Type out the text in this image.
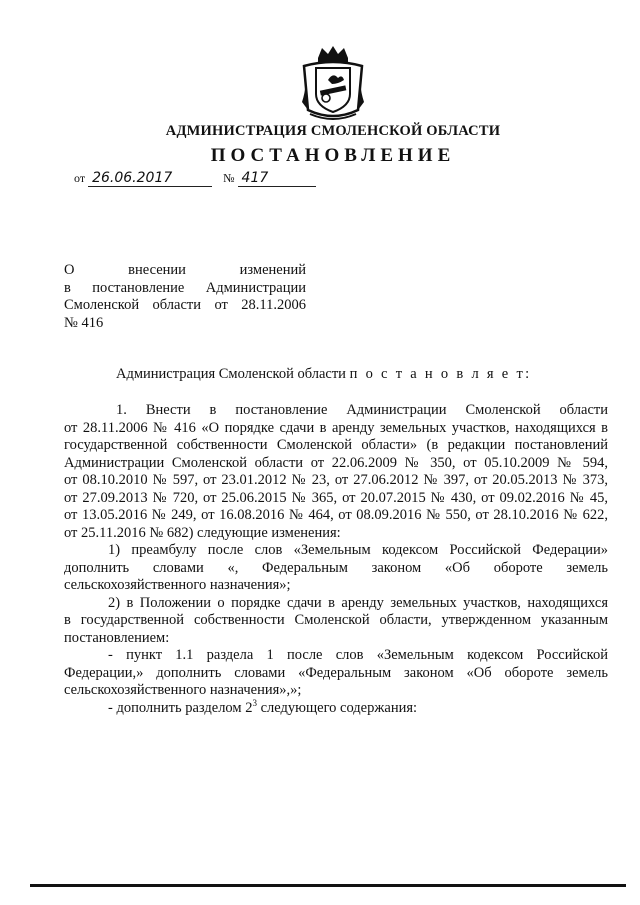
АДМИНИСТРАЦИЯ СМОЛЕНСКОЙ ОБЛАСТИ
ПОСТАНОВЛЕНИЕ
от 26.06.2017	№ 417
О внесении изменений
в постановление Администрации
Смоленской области от 28.11.2006
№ 416
Администрация Смоленской области п о с т а н о в л я е т:
1. Внести в постановление Администрации Смоленской области
от 28.11.2006 № 416 «О порядке сдачи в аренду земельных участков, находящихся в
государственной собственности Смоленской области» (в редакции постановлений
Администрации Смоленской области от 22.06.2009 № 350, от 05.10.2009 № 594,
от 08.10.2010 № 597, от 23.01.2012 № 23, от 27.06.2012 № 397, от 20.05.2013 № 373,
от 27.09.2013 № 720, от 25.06.2015 № 365, от 20.07.2015 № 430, от 09.02.2016 № 45,
от 13.05.2016 № 249, от 16.08.2016 № 464, от 08.09.2016 № 550, от 28.10.2016 № 622,
от 25.11.2016 № 682) следующие изменения:
1) преамбулу после слов «Земельным кодексом Российской Федерации»
дополнить словами «, Федеральным законом «Об обороте земель
сельскохозяйственного назначения»;
2) в Положении о порядке сдачи в аренду земельных участков, находящихся
в государственной собственности Смоленской области, утвержденном указанным
постановлением:
- пункт 1.1 раздела 1 после слов «Земельным кодексом Российской
Федерации,» дополнить словами «Федеральным законом «Об обороте земель
сельскохозяйственного назначения»,»;
- дополнить разделом $2^3$ следующего содержания:
